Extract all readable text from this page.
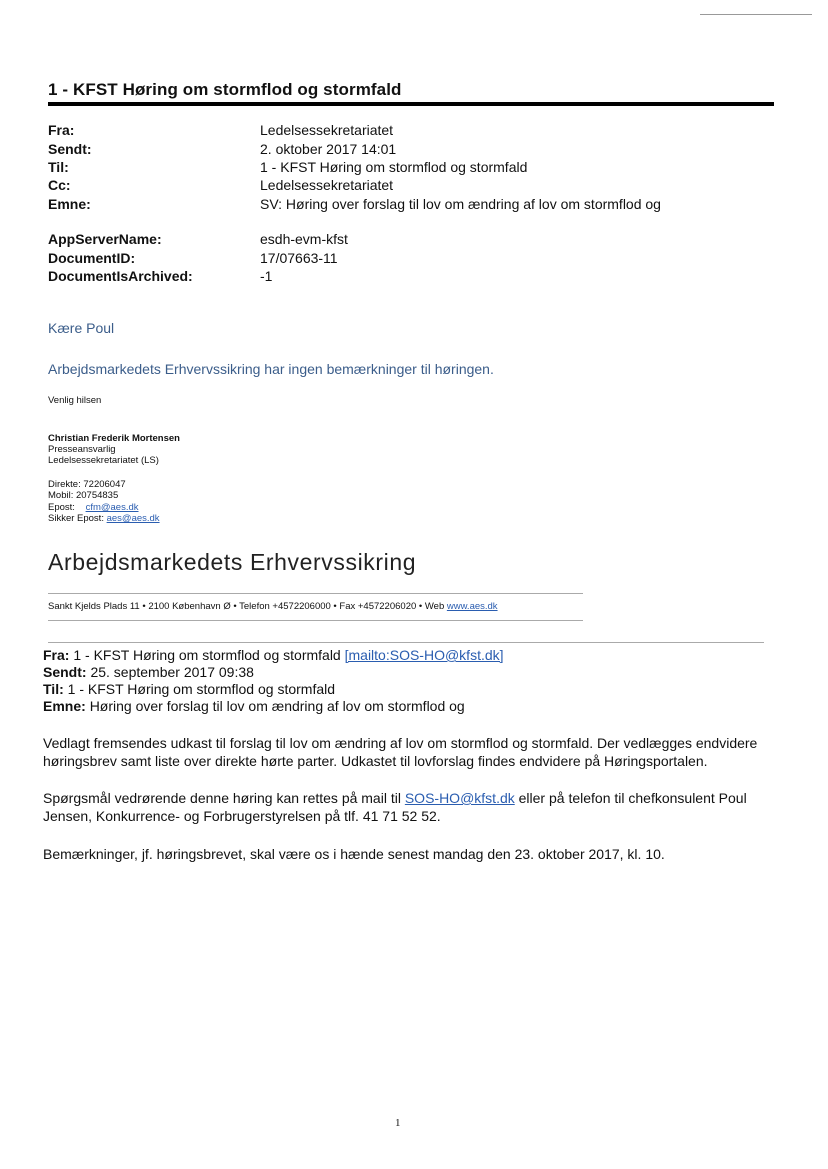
1 - KFST Høring om stormflod og stormfald
Fra:	Ledelsessekretariatet
Sendt:	2. oktober 2017 14:01
Til:	1 - KFST Høring om stormflod og stormfald
Cc:	Ledelsessekretariatet
Emne:	SV: Høring over forslag til lov om ændring af lov om stormflod og
AppServerName:	esdh-evm-kfst
DocumentID:	17/07663-11
DocumentIsArchived:	-1
Kære Poul
Arbejdsmarkedets Erhvervssikring har ingen bemærkninger til høringen.
Venlig hilsen
Christian Frederik Mortensen
Presseansvarlig
Ledelsessekretariatet (LS)
Direkte: 72206047
Mobil: 20754835
Epost: cfm@aes.dk
Sikker Epost: aes@aes.dk
Arbejdsmarkedets Erhvervssikring
Sankt Kjelds Plads 11 • 2100 København Ø • Telefon +4572206000 • Fax +4572206020 • Web www.aes.dk
Fra: 1 - KFST Høring om stormflod og stormfald [mailto:SOS-HO@kfst.dk]
Sendt: 25. september 2017 09:38
Til: 1 - KFST Høring om stormflod og stormfald
Emne: Høring over forslag til lov om ændring af lov om stormflod og
Vedlagt fremsendes udkast til forslag til lov om ændring af lov om stormflod og stormfald. Der vedlægges endvidere
høringsbrev samt liste over direkte hørte parter. Udkastet til lovforslag findes endvidere på Høringsportalen.
Spørgsmål vedrørende denne høring kan rettes på mail til SOS-HO@kfst.dk eller på telefon til chefkonsulent Poul
Jensen, Konkurrence- og Forbrugerstyrelsen på tlf. 41 71 52 52.
Bemærkninger, jf. høringsbrevet, skal være os i hænde senest mandag den 23. oktober 2017, kl. 10.
1
